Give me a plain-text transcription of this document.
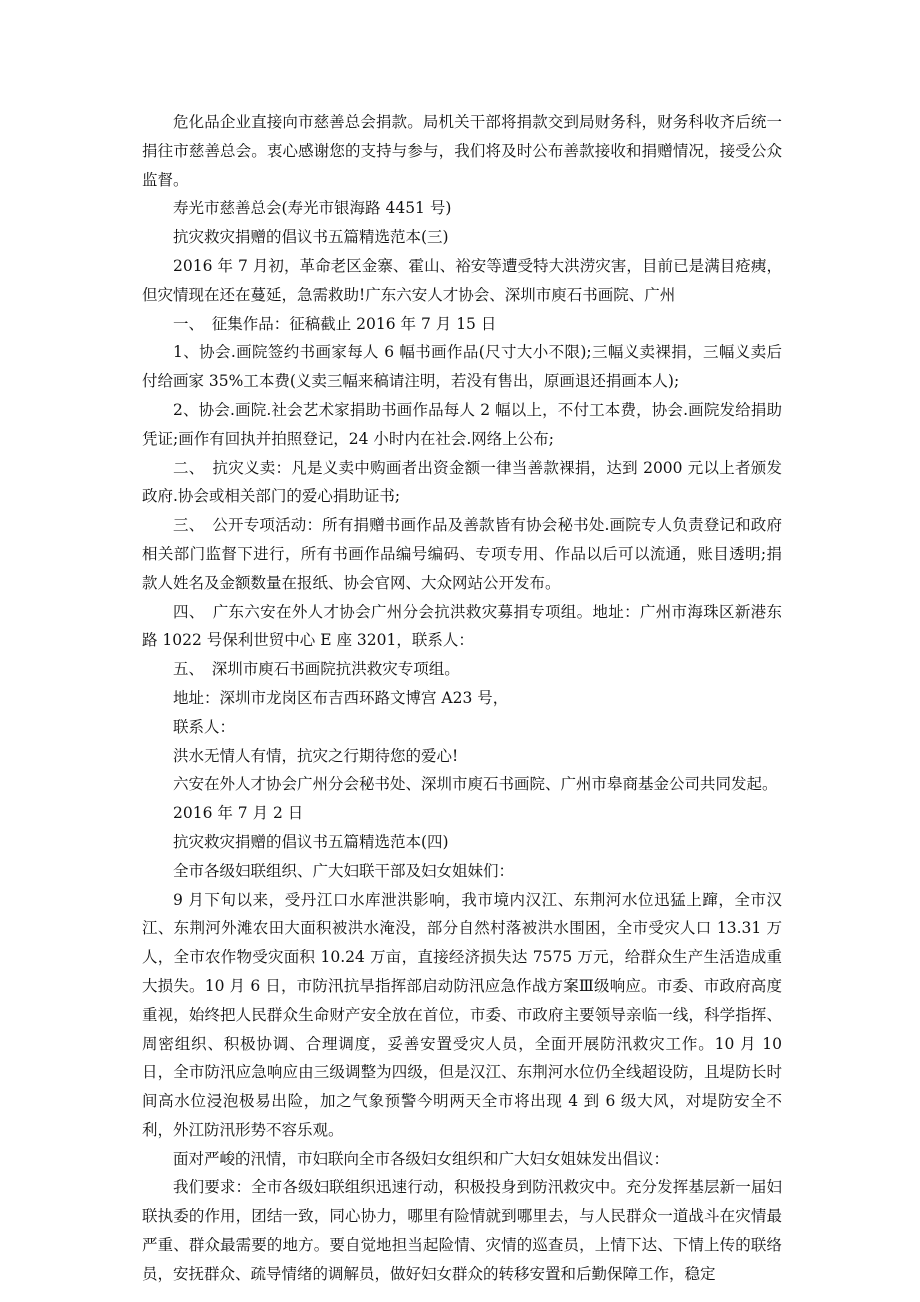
危化品企业直接向市慈善总会捐款。局机关干部将捐款交到局财务科，财务科收齐后统一捐往市慈善总会。衷心感谢您的支持与参与，我们将及时公布善款接收和捐赠情况，接受公众监督。

寿光市慈善总会(寿光市银海路 4451 号)

抗灾救灾捐赠的倡议书五篇精选范本(三)

2016 年 7 月初，革命老区金寨、霍山、裕安等遭受特大洪涝灾害，目前已是满目疮痍，但灾情现在还在蔓延，急需救助!广东六安人才协会、深圳市庾石书画院、广州

一、　征集作品：征稿截止 2016 年 7 月 15 日

1、协会.画院签约书画家每人 6 幅书画作品(尺寸大小不限);三幅义卖裸捐，三幅义卖后付给画家 35%工本费(义卖三幅来稿请注明，若没有售出，原画退还捐画本人);

2、协会.画院.社会艺术家捐助书画作品每人 2 幅以上，不付工本费，协会.画院发给捐助凭证;画作有回执并拍照登记，24 小时内在社会.网络上公布;

二、　抗灾义卖：凡是义卖中购画者出资金额一律当善款裸捐，达到 2000 元以上者颁发政府.协会或相关部门的爱心捐助证书;

三、　公开专项活动：所有捐赠书画作品及善款皆有协会秘书处.画院专人负责登记和政府相关部门监督下进行，所有书画作品编号编码、专项专用、作品以后可以流通，账目透明;捐款人姓名及金额数量在报纸、协会官网、大众网站公开发布。

四、　广东六安在外人才协会广州分会抗洪救灾募捐专项组。地址：广州市海珠区新港东路 1022 号保利世贸中心 E 座 3201，联系人：

五、　深圳市庾石书画院抗洪救灾专项组。

地址：深圳市龙岗区布吉西环路文博宫 A23 号，

联系人：

洪水无情人有情，抗灾之行期待您的爱心!

六安在外人才协会广州分会秘书处、深圳市庾石书画院、广州市皋商基金公司共同发起。

2016 年 7 月 2 日

抗灾救灾捐赠的倡议书五篇精选范本(四)

全市各级妇联组织、广大妇联干部及妇女姐妹们：

9 月下旬以来，受丹江口水库泄洪影响，我市境内汉江、东荆河水位迅猛上蹿，全市汉江、东荆河外滩农田大面积被洪水淹没，部分自然村落被洪水围困，全市受灾人口 13.31 万人，全市农作物受灾面积 10.24 万亩，直接经济损失达 7575 万元，给群众生产生活造成重大损失。10 月 6 日，市防汛抗旱指挥部启动防汛应急作战方案Ⅲ级响应。市委、市政府高度重视，始终把人民群众生命财产安全放在首位，市委、市政府主要领导亲临一线，科学指挥、周密组织、积极协调、合理调度，妥善安置受灾人员，全面开展防汛救灾工作。10 月 10 日，全市防汛应急响应由三级调整为四级，但是汉江、东荆河水位仍全线超设防，且堤防长时间高水位浸泡极易出险，加之气象预警今明两天全市将出现 4 到 6 级大风，对堤防安全不利，外江防汛形势不容乐观。

面对严峻的汛情，市妇联向全市各级妇女组织和广大妇女姐妹发出倡议：

我们要求：全市各级妇联组织迅速行动，积极投身到防汛救灾中。充分发挥基层新一届妇联执委的作用，团结一致，同心协力，哪里有险情就到哪里去，与人民群众一道战斗在灾情最严重、群众最需要的地方。要自觉地担当起险情、灾情的巡查员，上情下达、下情上传的联络员，安抚群众、疏导情绪的调解员，做好妇女群众的转移安置和后勤保障工作，稳定
